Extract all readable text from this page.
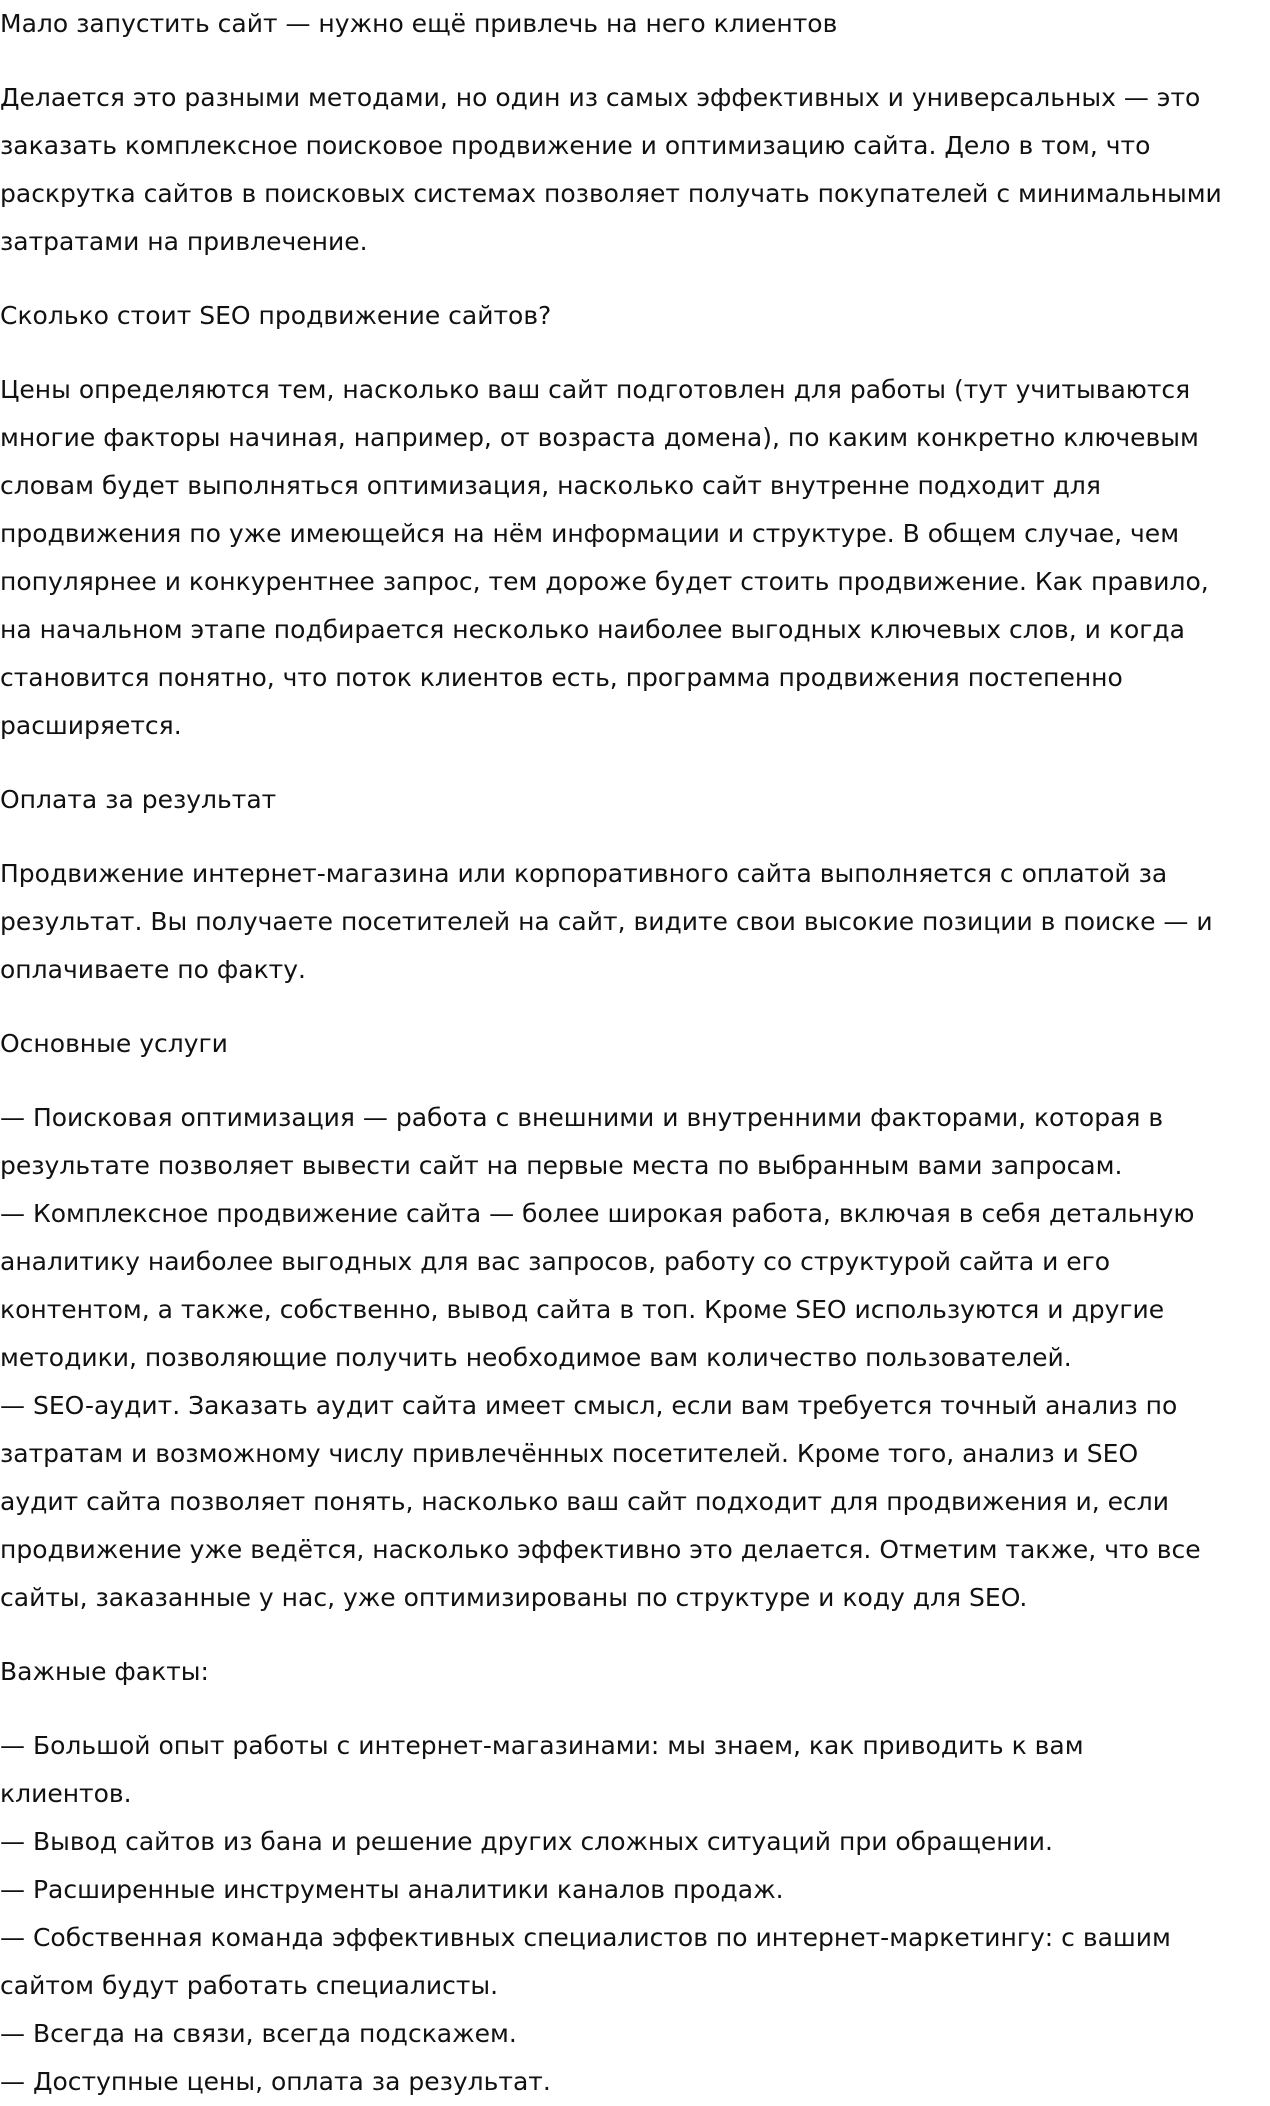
Мало запустить сайт — нужно ещё привлечь на него клиентов
Делается это разными методами, но один из самых эффективных и универсальных — это
заказать комплексное поисковое продвижение и оптимизацию сайта. Дело в том, что
раскрутка сайтов в поисковых системах позволяет получать покупателей с минимальными
затратами на привлечение.
Сколько стоит SEO продвижение сайтов?
Цены определяются тем, насколько ваш сайт подготовлен для работы (тут учитываются
многие факторы начиная, например, от возраста домена), по каким конкретно ключевым
словам будет выполняться оптимизация, насколько сайт внутренне подходит для
продвижения по уже имеющейся на нём информации и структуре. В общем случае, чем
популярнее и конкурентнее запрос, тем дороже будет стоить продвижение. Как правило,
на начальном этапе подбирается несколько наиболее выгодных ключевых слов, и когда
становится понятно, что поток клиентов есть, программа продвижения постепенно
расширяется.
Оплата за результат
Продвижение интернет-магазина или корпоративного сайта выполняется с оплатой за
результат. Вы получаете посетителей на сайт, видите свои высокие позиции в поиске — и
оплачиваете по факту.
Основные услуги
— Поисковая оптимизация — работа с внешними и внутренними факторами, которая в
результате позволяет вывести сайт на первые места по выбранным вами запросам.
— Комплексное продвижение сайта — более широкая работа, включая в себя детальную
аналитику наиболее выгодных для вас запросов, работу со структурой сайта и его
контентом, а также, собственно, вывод сайта в топ. Кроме SEO используются и другие
методики, позволяющие получить необходимое вам количество пользователей.
— SEO-аудит. Заказать аудит сайта имеет смысл, если вам требуется точный анализ по
затратам и возможному числу привлечённых посетителей. Кроме того, анализ и SEO
аудит сайта позволяет понять, насколько ваш сайт подходит для продвижения и, если
продвижение уже ведётся, насколько эффективно это делается. Отметим также, что все
сайты, заказанные у нас, уже оптимизированы по структуре и коду для SEO.
Важные факты:
— Большой опыт работы с интернет-магазинами: мы знаем, как приводить к вам
клиентов.
— Вывод сайтов из бана и решение других сложных ситуаций при обращении.
— Расширенные инструменты аналитики каналов продаж.
— Собственная команда эффективных специалистов по интернет-маркетингу: с вашим
сайтом будут работать специалисты.
— Всегда на связи, всегда подскажем.
— Доступные цены, оплата за результат.
